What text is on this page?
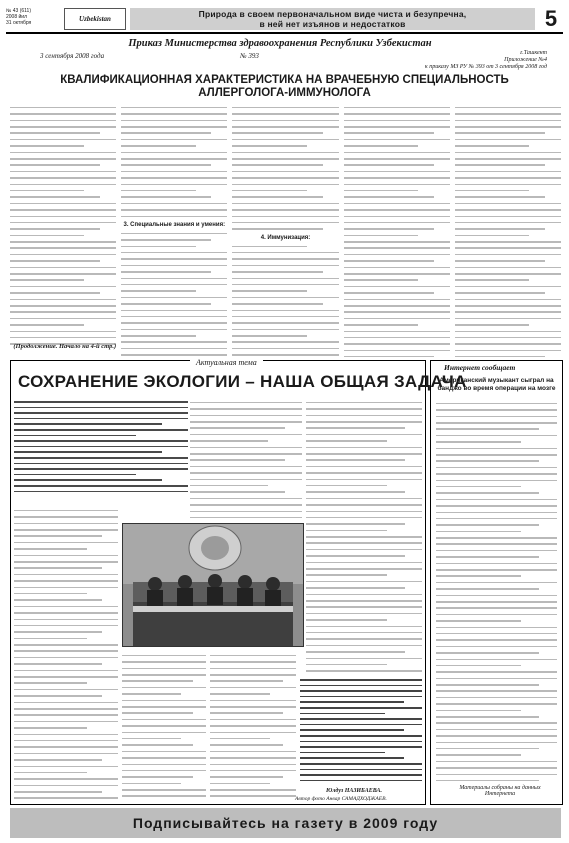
№ 43 (611)
2008 йил
31 октября	Uzbekistan	Природа в своем первоначальном виде чиста и безупречна,
в ней нет изъянов и недостатков	5
Приказ Министерства здравоохранения Республики Узбекистан
3 сентября 2008 года	№ 393	г.Ташкент
Приложение №4
к приказу МЗ РУ № 393 от 3 сентября 2008 год
КВАЛИФИКАЦИОННАЯ ХАРАКТЕРИСТИКА НА ВРАЧЕБНУЮ СПЕЦИАЛЬНОСТЬ
АЛЛЕРГОЛОГА-ИММУНОЛОГА
(Продолжение. Начало на 4-й стр.)
3. Специальные знания и умения:
4. Иммунизация:
Актуальная тема
СОХРАНЕНИЕ ЭКОЛОГИИ – НАША ОБЩАЯ ЗАДАЧА
Юлдуз НАЗИБАЕВА.
Автор фото Анвар САМАДХОДЖАЕВ.
Интернет сообщает
Американский музыкант сыграл на банджо во время операции на мозге
Материалы собраны на данных Интернета
Подписывайтесь на газету в 2009 году
